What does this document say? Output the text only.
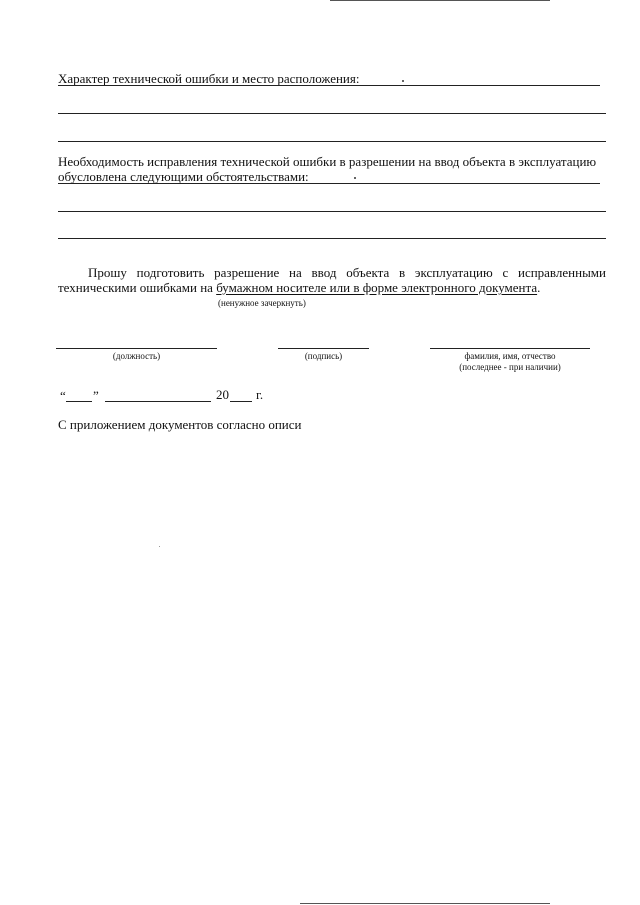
Характер технической ошибки и место расположения:
Необходимость исправления технической ошибки в разрешении на ввод объекта в эксплуатацию
обусловлена следующими обстоятельствами:
Прошу подготовить разрешение на ввод объекта в эксплуатацию с исправленными
техническими ошибками на бумажном носителе или в форме электронного документа.
(ненужное зачеркнуть)
(должность)	(подпись)	фамилия, имя, отчество
(последнее - при наличии)
“ ”	20 г.
С приложением документов согласно описи
